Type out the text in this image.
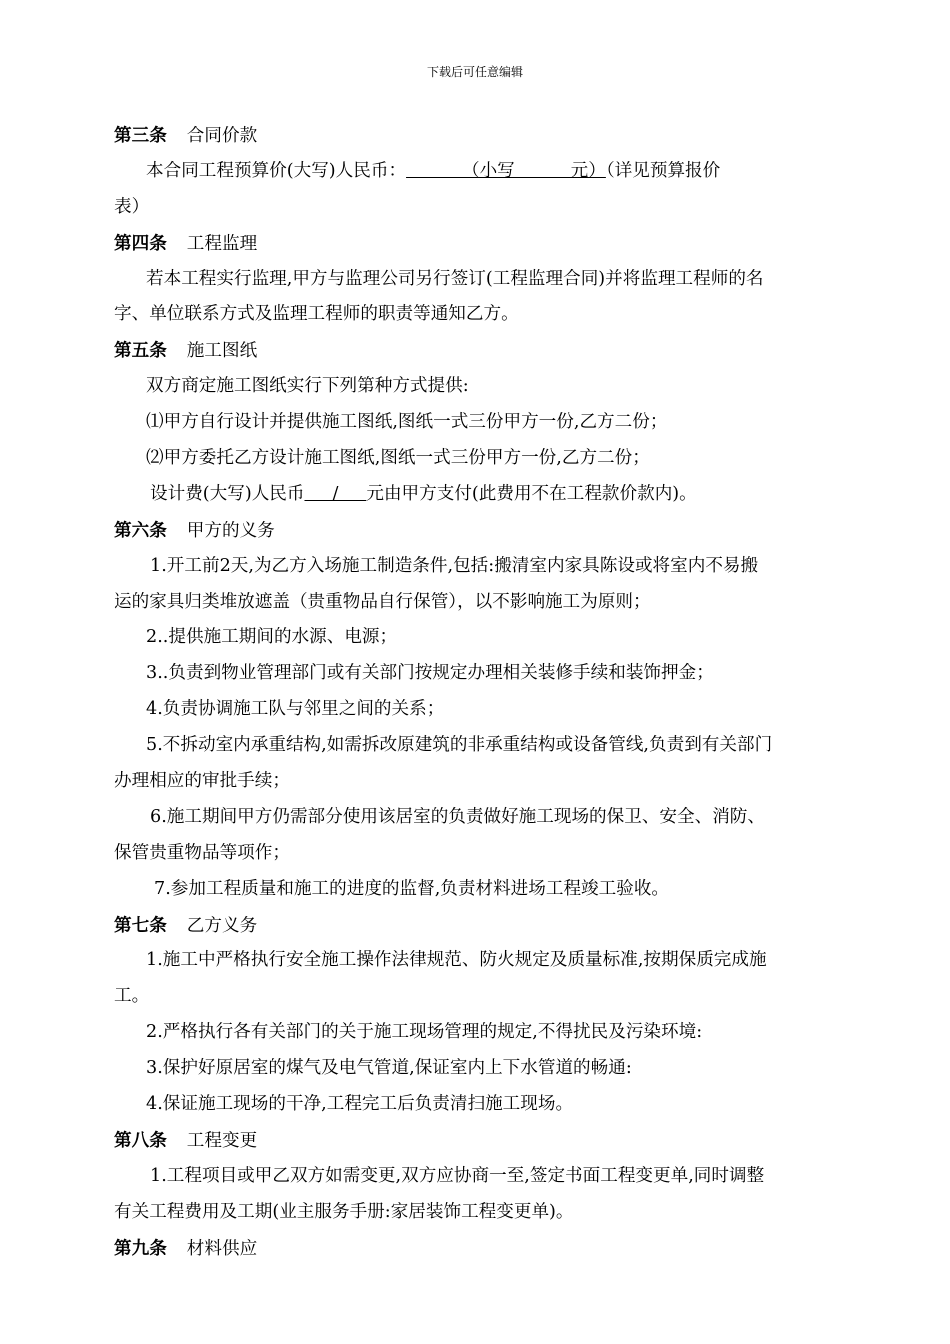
下载后可任意编辑
第三条 合同价款
本合同工程预算价(大写)人民币：          （小写          元）（详见预算报价
表）
第四条 工程监理
若本工程实行监理,甲方与监理公司另行签订(工程监理合同)并将监理工程师的名
字、单位联系方式及监理工程师的职责等通知乙方。
第五条 施工图纸
双方商定施工图纸实行下列第种方式提供:
⑴甲方自行设计并提供施工图纸,图纸一式三份甲方一份,乙方二份；
⑵甲方委托乙方设计施工图纸,图纸一式三份甲方一份,乙方二份；
设计费(大写)人民币     /     元由甲方支付(此费用不在工程款价款内)。
第六条 甲方的义务
1.开工前2天,为乙方入场施工制造条件,包括:搬清室内家具陈设或将室内不易搬
运的家具归类堆放遮盖（贵重物品自行保管），以不影响施工为原则；
2..提供施工期间的水源、电源；
3..负责到物业管理部门或有关部门按规定办理相关装修手续和装饰押金；
4.负责协调施工队与邻里之间的关系；
5.不拆动室内承重结构,如需拆改原建筑的非承重结构或设备管线,负责到有关部门
办理相应的审批手续；
6.施工期间甲方仍需部分使用该居室的负责做好施工现场的保卫、安全、消防、
保管贵重物品等项作；
7.参加工程质量和施工的进度的监督,负责材料进场工程竣工验收。
第七条 乙方义务
1.施工中严格执行安全施工操作法律规范、防火规定及质量标准,按期保质完成施
工。
2.严格执行各有关部门的关于施工现场管理的规定,不得扰民及污染环境:
3.保护好原居室的煤气及电气管道,保证室内上下水管道的畅通:
4.保证施工现场的干净,工程完工后负责清扫施工现场。
第八条 工程变更
1.工程项目或甲乙双方如需变更,双方应协商一至,签定书面工程变更单,同时调整
有关工程费用及工期(业主服务手册:家居装饰工程变更单)。
第九条 材料供应
